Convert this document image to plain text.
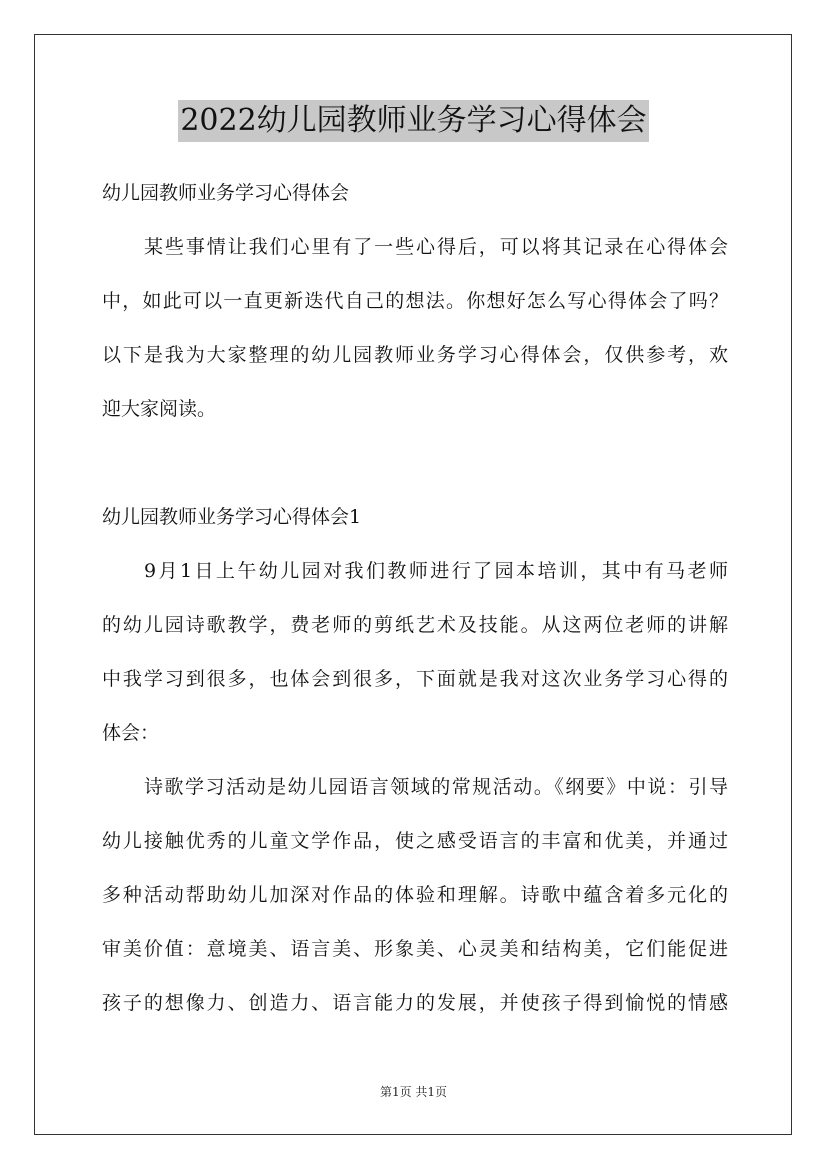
2022幼儿园教师业务学习心得体会
幼儿园教师业务学习心得体会
某些事情让我们心里有了一些心得后，可以将其记录在心得体会
中，如此可以一直更新迭代自己的想法。你想好怎么写心得体会了吗？
以下是我为大家整理的幼儿园教师业务学习心得体会，仅供参考，欢
迎大家阅读。
幼儿园教师业务学习心得体会1
9月1日上午幼儿园对我们教师进行了园本培训，其中有马老师
的幼儿园诗歌教学，费老师的剪纸艺术及技能。从这两位老师的讲解
中我学习到很多，也体会到很多，下面就是我对这次业务学习心得的
体会：
诗歌学习活动是幼儿园语言领域的常规活动。《纲要》中说：引导
幼儿接触优秀的儿童文学作品，使之感受语言的丰富和优美，并通过
多种活动帮助幼儿加深对作品的体验和理解。诗歌中蕴含着多元化的
审美价值：意境美、语言美、形象美、心灵美和结构美，它们能促进
孩子的想像力、创造力、语言能力的发展，并使孩子得到愉悦的情感
第1页 共1页
